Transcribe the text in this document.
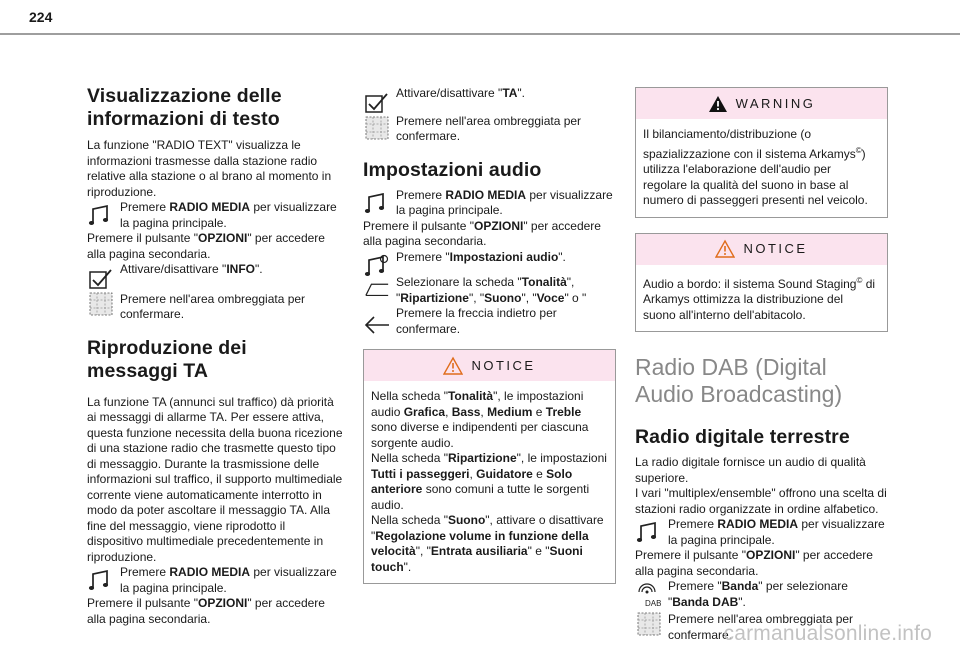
224
Visualizzazione delle informazioni di testo

La funzione "RADIO TEXT" visualizza le informazioni trasmesse dalla stazione radio relative alla stazione o al brano al momento in riproduzione.

Premere RADIO MEDIA per visualizzare la pagina principale.

Premere il pulsante "OPZIONI" per accedere alla pagina secondaria.

Attivare/disattivare "INFO".
Premere nell'area ombreggiata per confermare.
Riproduzione dei messaggi TA

La funzione TA (annunci sul traffico) dà priorità ai messaggi di allarme TA. Per essere attiva, questa funzione necessita della buona ricezione di una stazione radio che trasmette questo tipo di messaggio. Durante la trasmissione delle informazioni sul traffico, il supporto multimediale corrente viene automaticamente interrotto in modo da poter ascoltare il messaggio TA. Alla fine del messaggio, viene riprodotto il dispositivo multimediale precedentemente in riproduzione.

Premere RADIO MEDIA per visualizzare la pagina principale.

Premere il pulsante "OPZIONI" per accedere alla pagina secondaria.

Attivare/disattivare "TA".
Premere nell'area ombreggiata per confermare.
Impostazioni audio
Premere RADIO MEDIA per visualizzare la pagina principale.

Premere il pulsante "OPZIONI" per accedere alla pagina secondaria.

Premere "Impostazioni audio".
Selezionare la scheda "Tonalità", "Ripartizione", "Suono", "Voce" o "

Premere la freccia indietro per confermare.
NOTICE

Nella scheda "Tonalità", le impostazioni audio Grafica, Bass, Medium e Treble sono diverse e indipendenti per ciascuna sorgente audio.

Nella scheda "Ripartizione", le impostazioni Tutti i passeggeri, Guidatore e Solo anteriore sono comuni a tutte le sorgenti audio.

Nella scheda "Suono", attivare o disattivare "Regolazione volume in funzione della velocità", "Entrata ausiliaria" e "Suoni touch".

WARNING

Il bilanciamento/distribuzione (o spazializzazione con il sistema Arkamys©) utilizza l'elaborazione dell'audio per regolare la qualità del suono in base al numero di passeggeri presenti nel veicolo.

NOTICE

Audio a bordo: il sistema Sound Staging© di Arkamys ottimizza la distribuzione del suono all'interno dell'abitacolo.

Radio DAB (Digital Audio Broadcasting)
Radio digitale terrestre

La radio digitale fornisce un audio di qualità superiore.

I vari "multiplex/ensemble" offrono una scelta di stazioni radio organizzate in ordine alfabetico.

Premere RADIO MEDIA per visualizzare la pagina principale.

Premere il pulsante "OPZIONI" per accedere alla pagina secondaria.

DAB
Premere "Banda" per selezionare "Banda DAB".
Premere nell'area ombreggiata per confermare.
carmanualsonline.info
